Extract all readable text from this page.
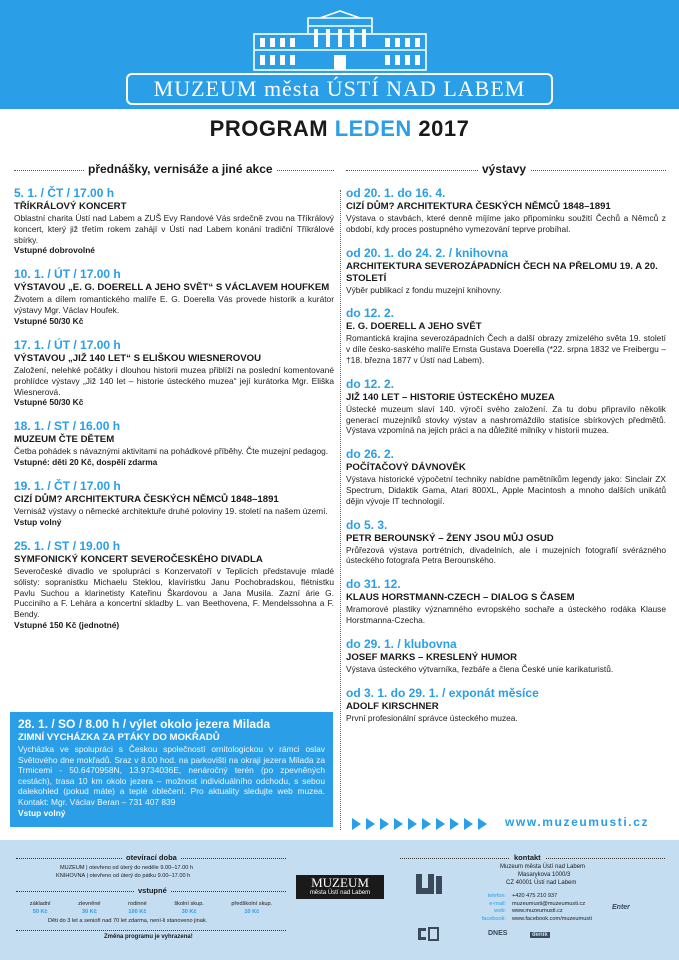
MUZEUM města ÚSTÍ NAD LABEM
PROGRAM LEDEN 2017
přednášky, vernisáže a jiné akce	výstavy
5. 1. / ČT / 17.00 h
TŘÍKRÁLOVÝ KONCERT
Oblastní charita Ústí nad Labem a ZUŠ Evy Randové Vás srdečně zvou na Tříkrálový koncert, který již třetím rokem zahájí v Ústí nad Labem konání tradiční Tříkrálové sbírky.
Vstupné dobrovolné
10. 1. / ÚT / 17.00 h
VÝSTAVOU „E. G. DOERELL A JEHO SVĚT“ S VÁCLAVEM HOUFKEM
Životem a dílem romantického malíře E. G. Doerella Vás provede historik a kurátor výstavy Mgr. Václav Houfek.
Vstupné 50/30 Kč
17. 1. / ÚT / 17.00 h
VÝSTAVOU „JIŽ 140 LET“ S ELIŠKOU WIESNEROVOU
Založení, nelehké počátky i dlouhou historii muzea přiblíží na poslední komentované prohlídce výstavy „Již 140 let – historie ústeckého muzea“ její kurátorka Mgr. Eliška Wiesnerová.
Vstupné 50/30 Kč
18. 1. / ST / 16.00 h
MUZEUM ČTE DĚTEM
Četba pohádek s návaznými aktivitami na pohádkové příběhy. Čte muzejní pedagog.
Vstupné: děti 20 Kč, dospělí zdarma
19. 1. / ČT / 17.00 h
CIZÍ DŮM? ARCHITEKTURA ČESKÝCH NĚMCŮ 1848–1891
Vernisáž výstavy o německé architektuře druhé poloviny 19. století na našem území.
Vstup volný
25. 1. / ST / 19.00 h
SYMFONICKÝ KONCERT SEVEROČESKÉHO DIVADLA
Severočeské divadlo ve spolupráci s Konzervatoří v Teplicích představuje mladé sólisty: sopranistku Michaelu Steklou, klavíristku Janu Pochobradskou, flétnistku Pavlu Suchou a klarinetisty Kateřinu Škardovou a Jana Musila. Zazní árie G. Pucciniho a F. Lehára a koncertní skladby L. van Beethovena, F. Mendelssohna a F. Bendy.
Vstupné 150 Kč (jednotné)
28. 1. / SO / 8.00 h / výlet okolo jezera Milada
ZIMNÍ VYCHÁZKA ZA PTÁKY DO MOKŘADŮ
Vycházka ve spolupráci s Českou společností ornitologickou v rámci oslav Světového dne mokřadů. Sraz v 8.00 hod. na parkovišti na okraji jezera Milada za Trmicemi - 50.6470958N, 13.9734036E, nenáročný terén (po zpevněných cestách), trasa 10 km okolo jezera – možnost individuálního odchodu, s sebou dalekohled (pokud máte) a teplé oblečení. Pro aktuality sledujte web muzea. Kontakt: Mgr. Václav Beran – 731 407 839
Vstup volný
od 20. 1. do 16. 4.
CIZÍ DŮM? ARCHITEKTURA ČESKÝCH NĚMCŮ 1848–1891
Výstava o stavbách, které denně míjíme jako připomínku soužití Čechů a Němců z období, kdy proces postupného vymezování teprve probíhal.
od 20. 1. do 24. 2. / knihovna
ARCHITEKTURA SEVEROZÁPADNÍCH ČECH NA PŘELOMU 19. A 20. STOLETÍ
Výběr publikací z fondu muzejní knihovny.
do 12. 2.
E. G. DOERELL A JEHO SVĚT
Romantická krajina severozápadních Čech a další obrazy zmizelého světa 19. století v díle česko-saského malíře Ernsta Gustava Doerella (*22. srpna 1832 ve Freibergu – †18. března 1877 v Ústí nad Labem).
do 12. 2.
JIŽ 140 LET – HISTORIE ÚSTECKÉHO MUZEA
Ústecké muzeum slaví 140. výročí svého založení. Za tu dobu připravilo několik generací muzejníků stovky výstav a nashromáždilo statisíce sbírkových předmětů. Výstava vzpomíná na jejich práci a na důležité milníky v historii muzea.
do 26. 2.
POČÍTAČOVÝ DÁVNOVĚK
Výstava historické výpočetní techniky nabídne pamětníkům legendy jako: Sinclair ZX Spectrum, Didaktik Gama, Atari 800XL, Apple Macintosh a mnoho dalších unikátů dějin vývoje IT technologií.
do 5. 3.
PETR BEROUNSKÝ – ŽENY JSOU MŮJ OSUD
Průřezová výstava portrétních, divadelních, ale i muzejních fotografií svérázného ústeckého fotografa Petra Berounského.
do 31. 12.
KLAUS HORSTMANN-CZECH – DIALOG S ČASEM
Mramorové plastiky významného evropského sochaře a ústeckého rodáka Klause Horstmanna-Czecha.
do 29. 1. / klubovna
JOSEF MARKS – KRESLENÝ HUMOR
Výstava ústeckého výtvarníka, řezbáře a člena České unie karikaturistů.
od 3. 1. do 29. 1. / exponát měsíce
ADOLF KIRSCHNER
První profesionální správce ústeckého muzea.
www.muzeumusti.cz
otevírací doba
MUZEUM | otevřeno od úterý do neděle 9.00–17.00 h
KNIHOVNA | otevřeno od úterý do pátku 9.00–17.00 h
vstupné
základní
50 Kč
zlevněné
30 Kč
rodinné
100 Kč
školní skup.
30 Kč
předškolní skup.
10 Kč
Děti do 3 let a senioři nad 70 let zdarma, není-li stanoveno jinak.
Změna programu je vyhrazena!
MUZEUM
města Ústí nad Labem
kontakt
Muzeum města Ústí nad Labem
Masarykova 1000/3
CZ 40001 Ústí nad Labem
telefon:
e-mail:
web:
facebook:
+420 475 210 937
muzeumusti@muzeumusti.cz
www.muzeumusti.cz
www.facebook.com/muzeumusti
DNES	deník
Enter
